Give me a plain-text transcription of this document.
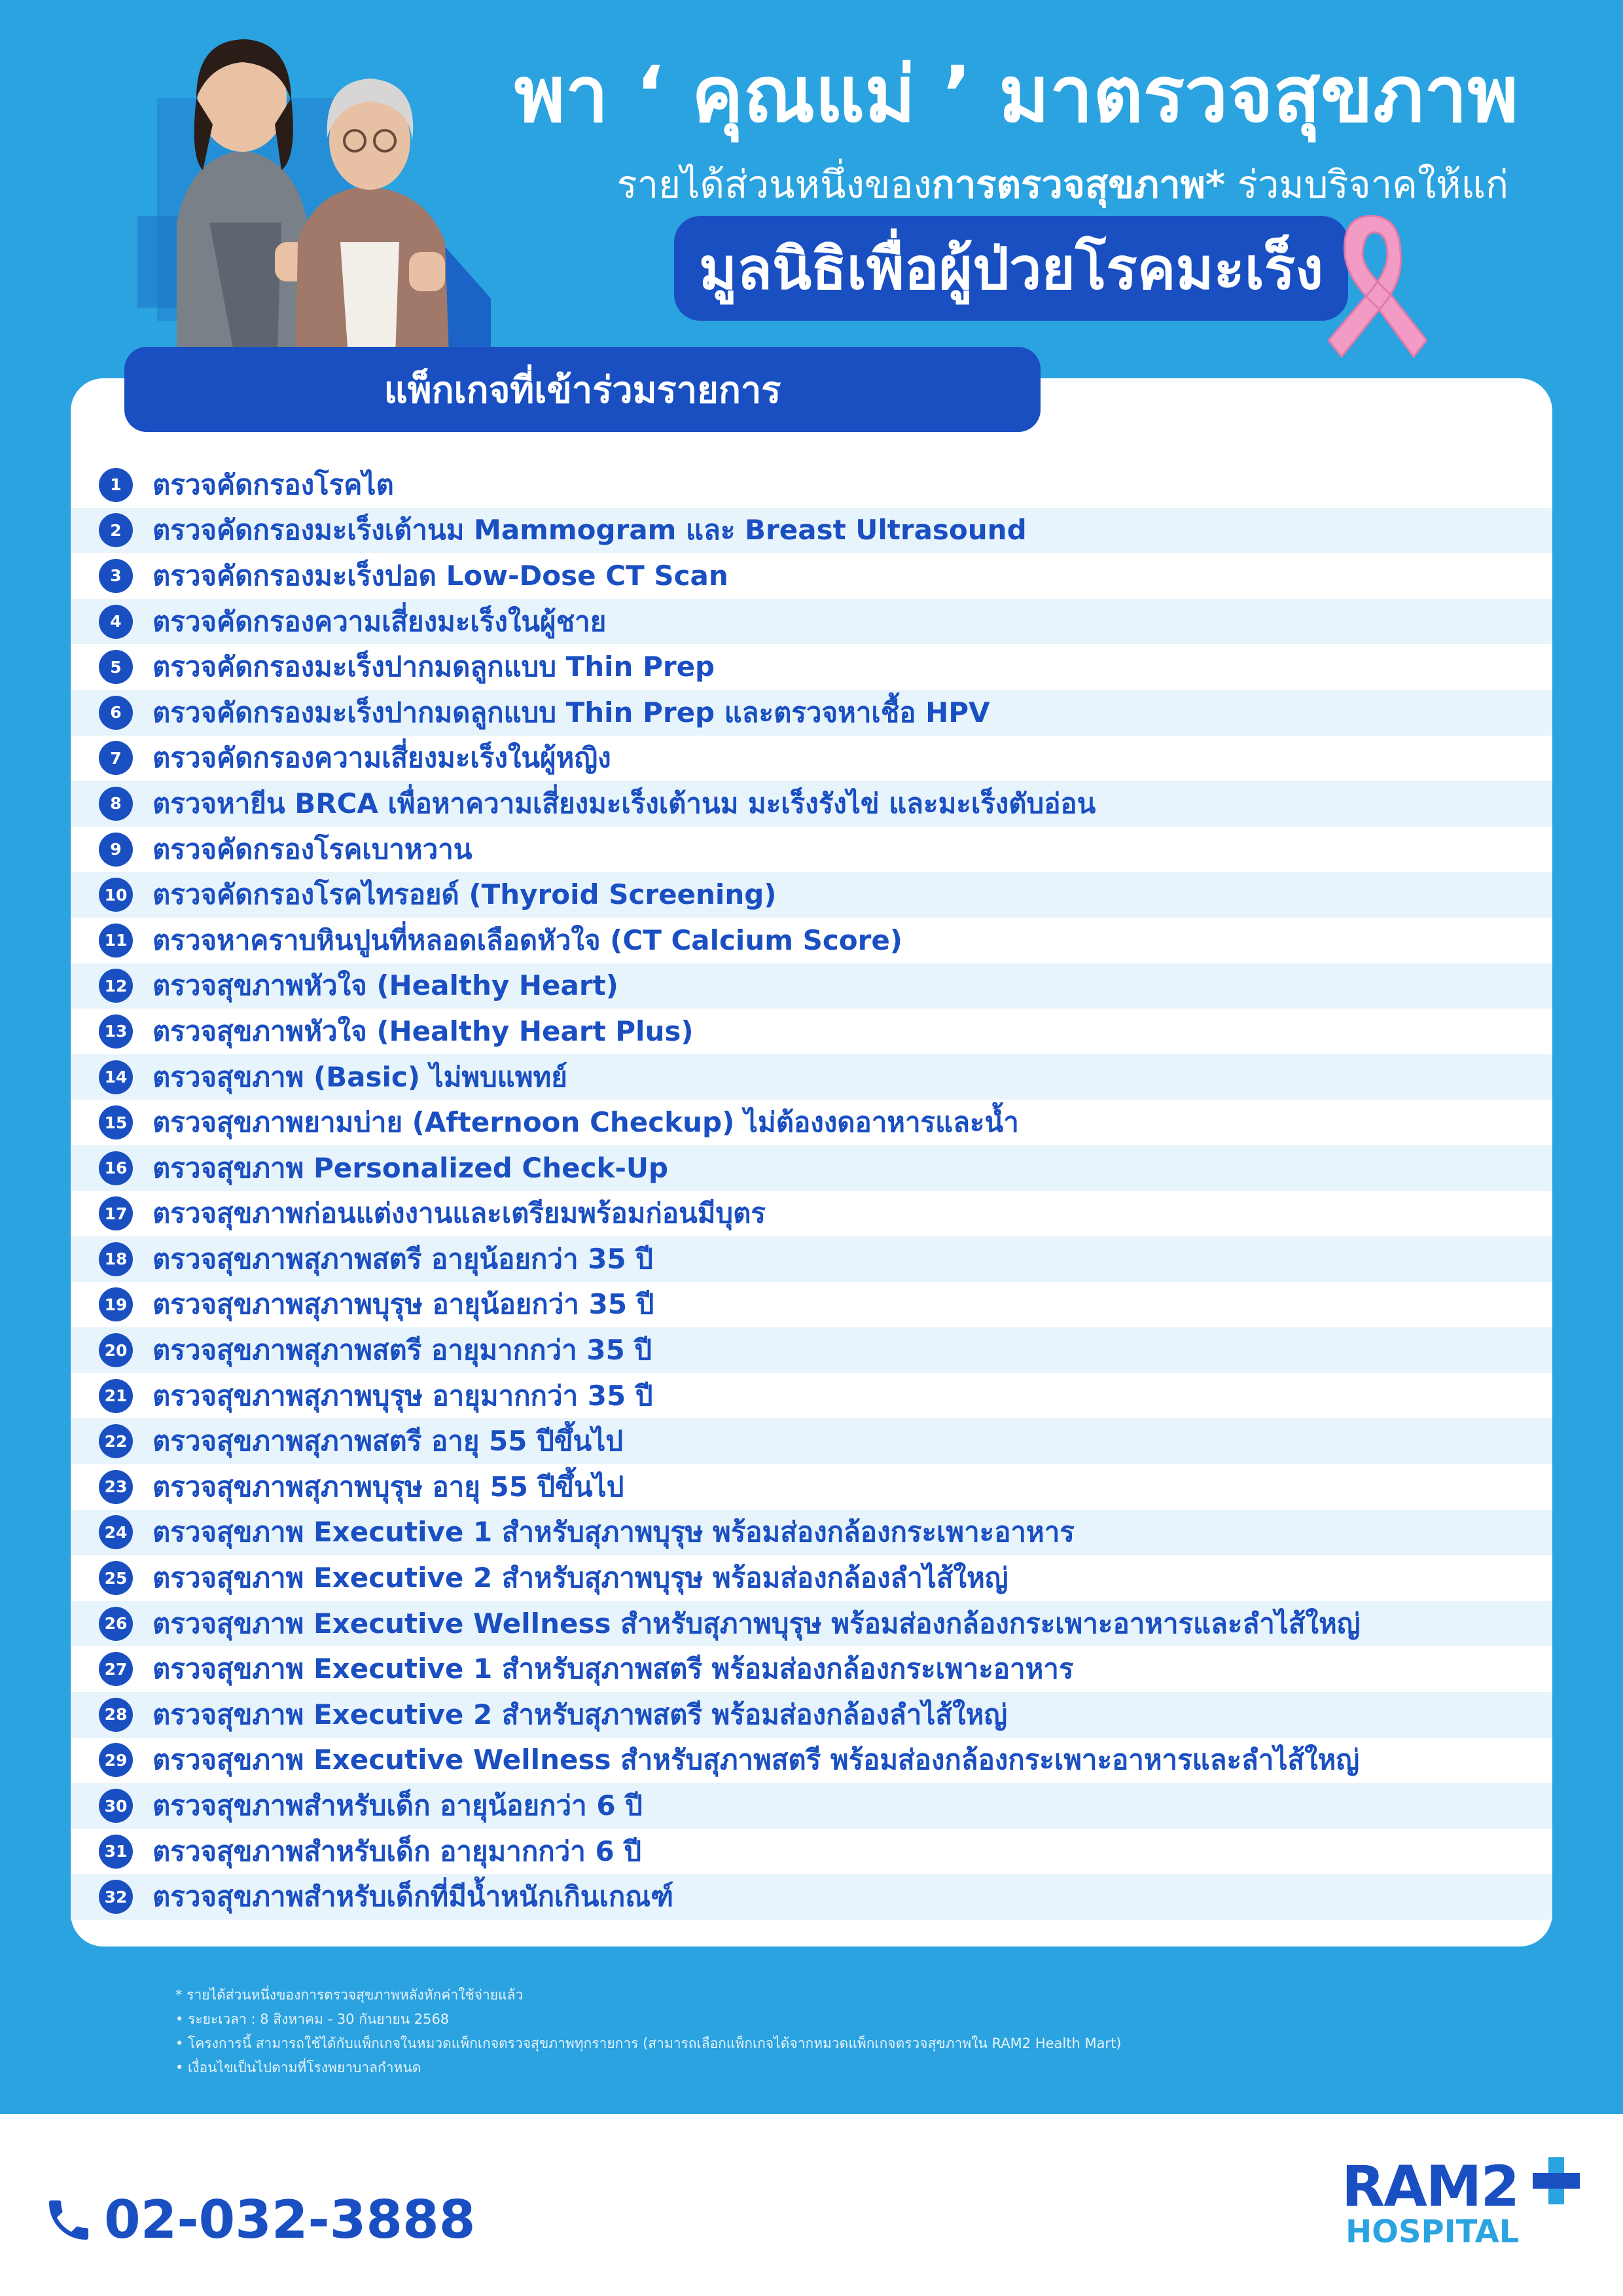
พา ‘ คุณแม่ ’ มาตรวจสุขภาพ
รายได้ส่วนหนึ่งของการตรวจสุขภาพ* ร่วมบริจาคให้แก่
มูลนิธิเพื่อผู้ป่วยโรคมะเร็ง
แพ็กเกจที่เข้าร่วมรายการ
1	ตรวจคัดกรองโรคไต
2	ตรวจคัดกรองมะเร็งเต้านม Mammogram และ Breast Ultrasound
3	ตรวจคัดกรองมะเร็งปอด Low-Dose CT Scan
4	ตรวจคัดกรองความเสี่ยงมะเร็งในผู้ชาย
5	ตรวจคัดกรองมะเร็งปากมดลูกแบบ Thin Prep
6	ตรวจคัดกรองมะเร็งปากมดลูกแบบ Thin Prep และตรวจหาเชื้อ HPV
7	ตรวจคัดกรองความเสี่ยงมะเร็งในผู้หญิง
8	ตรวจหายีน BRCA เพื่อหาความเสี่ยงมะเร็งเต้านม มะเร็งรังไข่ และมะเร็งตับอ่อน
9	ตรวจคัดกรองโรคเบาหวาน
10 ตรวจคัดกรองโรคไทรอยด์ (Thyroid Screening)
11 ตรวจหาคราบหินปูนที่หลอดเลือดหัวใจ (CT Calcium Score)
12 ตรวจสุขภาพหัวใจ (Healthy Heart)
13 ตรวจสุขภาพหัวใจ (Healthy Heart Plus)
14 ตรวจสุขภาพ (Basic) ไม่พบแพทย์
15 ตรวจสุขภาพยามบ่าย (Afternoon Checkup) ไม่ต้องงดอาหารและน้ำ
16 ตรวจสุขภาพ Personalized Check-Up
17 ตรวจสุขภาพก่อนแต่งงานและเตรียมพร้อมก่อนมีบุตร
18 ตรวจสุขภาพสุภาพสตรี อายุน้อยกว่า 35 ปี
19 ตรวจสุขภาพสุภาพบุรุษ อายุน้อยกว่า 35 ปี
20 ตรวจสุขภาพสุภาพสตรี อายุมากกว่า 35 ปี
21 ตรวจสุขภาพสุภาพบุรุษ อายุมากกว่า 35 ปี
22 ตรวจสุขภาพสุภาพสตรี อายุ 55 ปีขึ้นไป
23 ตรวจสุขภาพสุภาพบุรุษ อายุ 55 ปีขึ้นไป
24 ตรวจสุขภาพ Executive 1 สำหรับสุภาพบุรุษ พร้อมส่องกล้องกระเพาะอาหาร
25 ตรวจสุขภาพ Executive 2 สำหรับสุภาพบุรุษ พร้อมส่องกล้องลำไส้ใหญ่
26 ตรวจสุขภาพ Executive Wellness สำหรับสุภาพบุรุษ พร้อมส่องกล้องกระเพาะอาหารและลำไส้ใหญ่
27 ตรวจสุขภาพ Executive 1 สำหรับสุภาพสตรี พร้อมส่องกล้องกระเพาะอาหาร
28 ตรวจสุขภาพ Executive 2 สำหรับสุภาพสตรี พร้อมส่องกล้องลำไส้ใหญ่
29 ตรวจสุขภาพ Executive Wellness สำหรับสุภาพสตรี พร้อมส่องกล้องกระเพาะอาหารและลำไส้ใหญ่
30 ตรวจสุขภาพสำหรับเด็ก อายุน้อยกว่า 6 ปี
31 ตรวจสุขภาพสำหรับเด็ก อายุมากกว่า 6 ปี
32 ตรวจสุขภาพสำหรับเด็กที่มีน้ำหนักเกินเกณฑ์
* รายได้ส่วนหนึ่งของการตรวจสุขภาพหลังหักค่าใช้จ่ายแล้ว
• ระยะเวลา : 8 สิงหาคม - 30 กันยายน 2568
• โครงการนี้ สามารถใช้ได้กับแพ็กเกจในหมวดแพ็กเกจตรวจสุขภาพทุกรายการ (สามารถเลือกแพ็กเกจได้จากหมวดแพ็กเกจตรวจสุขภาพใน RAM2 Health Mart)
• เงื่อนไขเป็นไปตามที่โรงพยาบาลกำหนด
02-032-3888
RAM2
HOSPITAL
